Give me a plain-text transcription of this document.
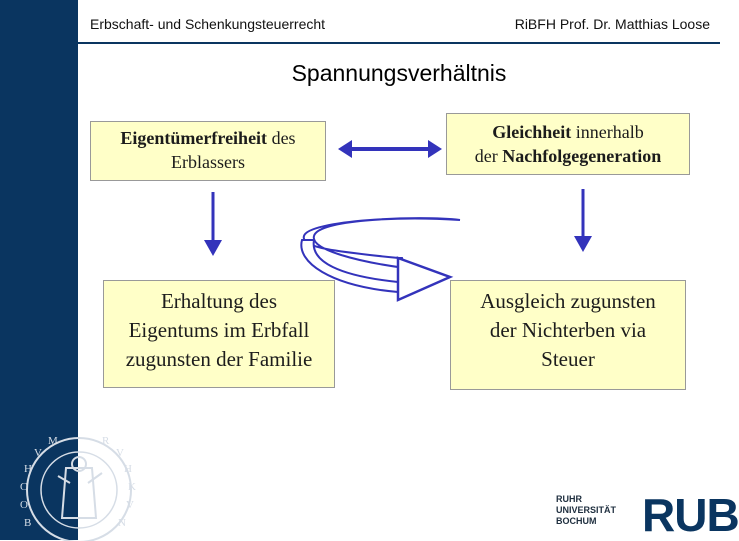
Erbschaft- und Schenkungsteuerrecht	RiBFH Prof. Dr. Matthias Loose
Spannungsverhältnis
Eigentümerfreiheit des
Erblassers
Gleichheit innerhalb
der Nachfolgegeneration
Erhaltung des
Eigentums im Erbfall
zugunsten der Familie
Ausgleich zugunsten
der Nichterben via
Steuer
B
O
C
H
V
M	R
V
H
K
V
N
RUHR
UNIVERSITÄT
BOCHUM RUB
